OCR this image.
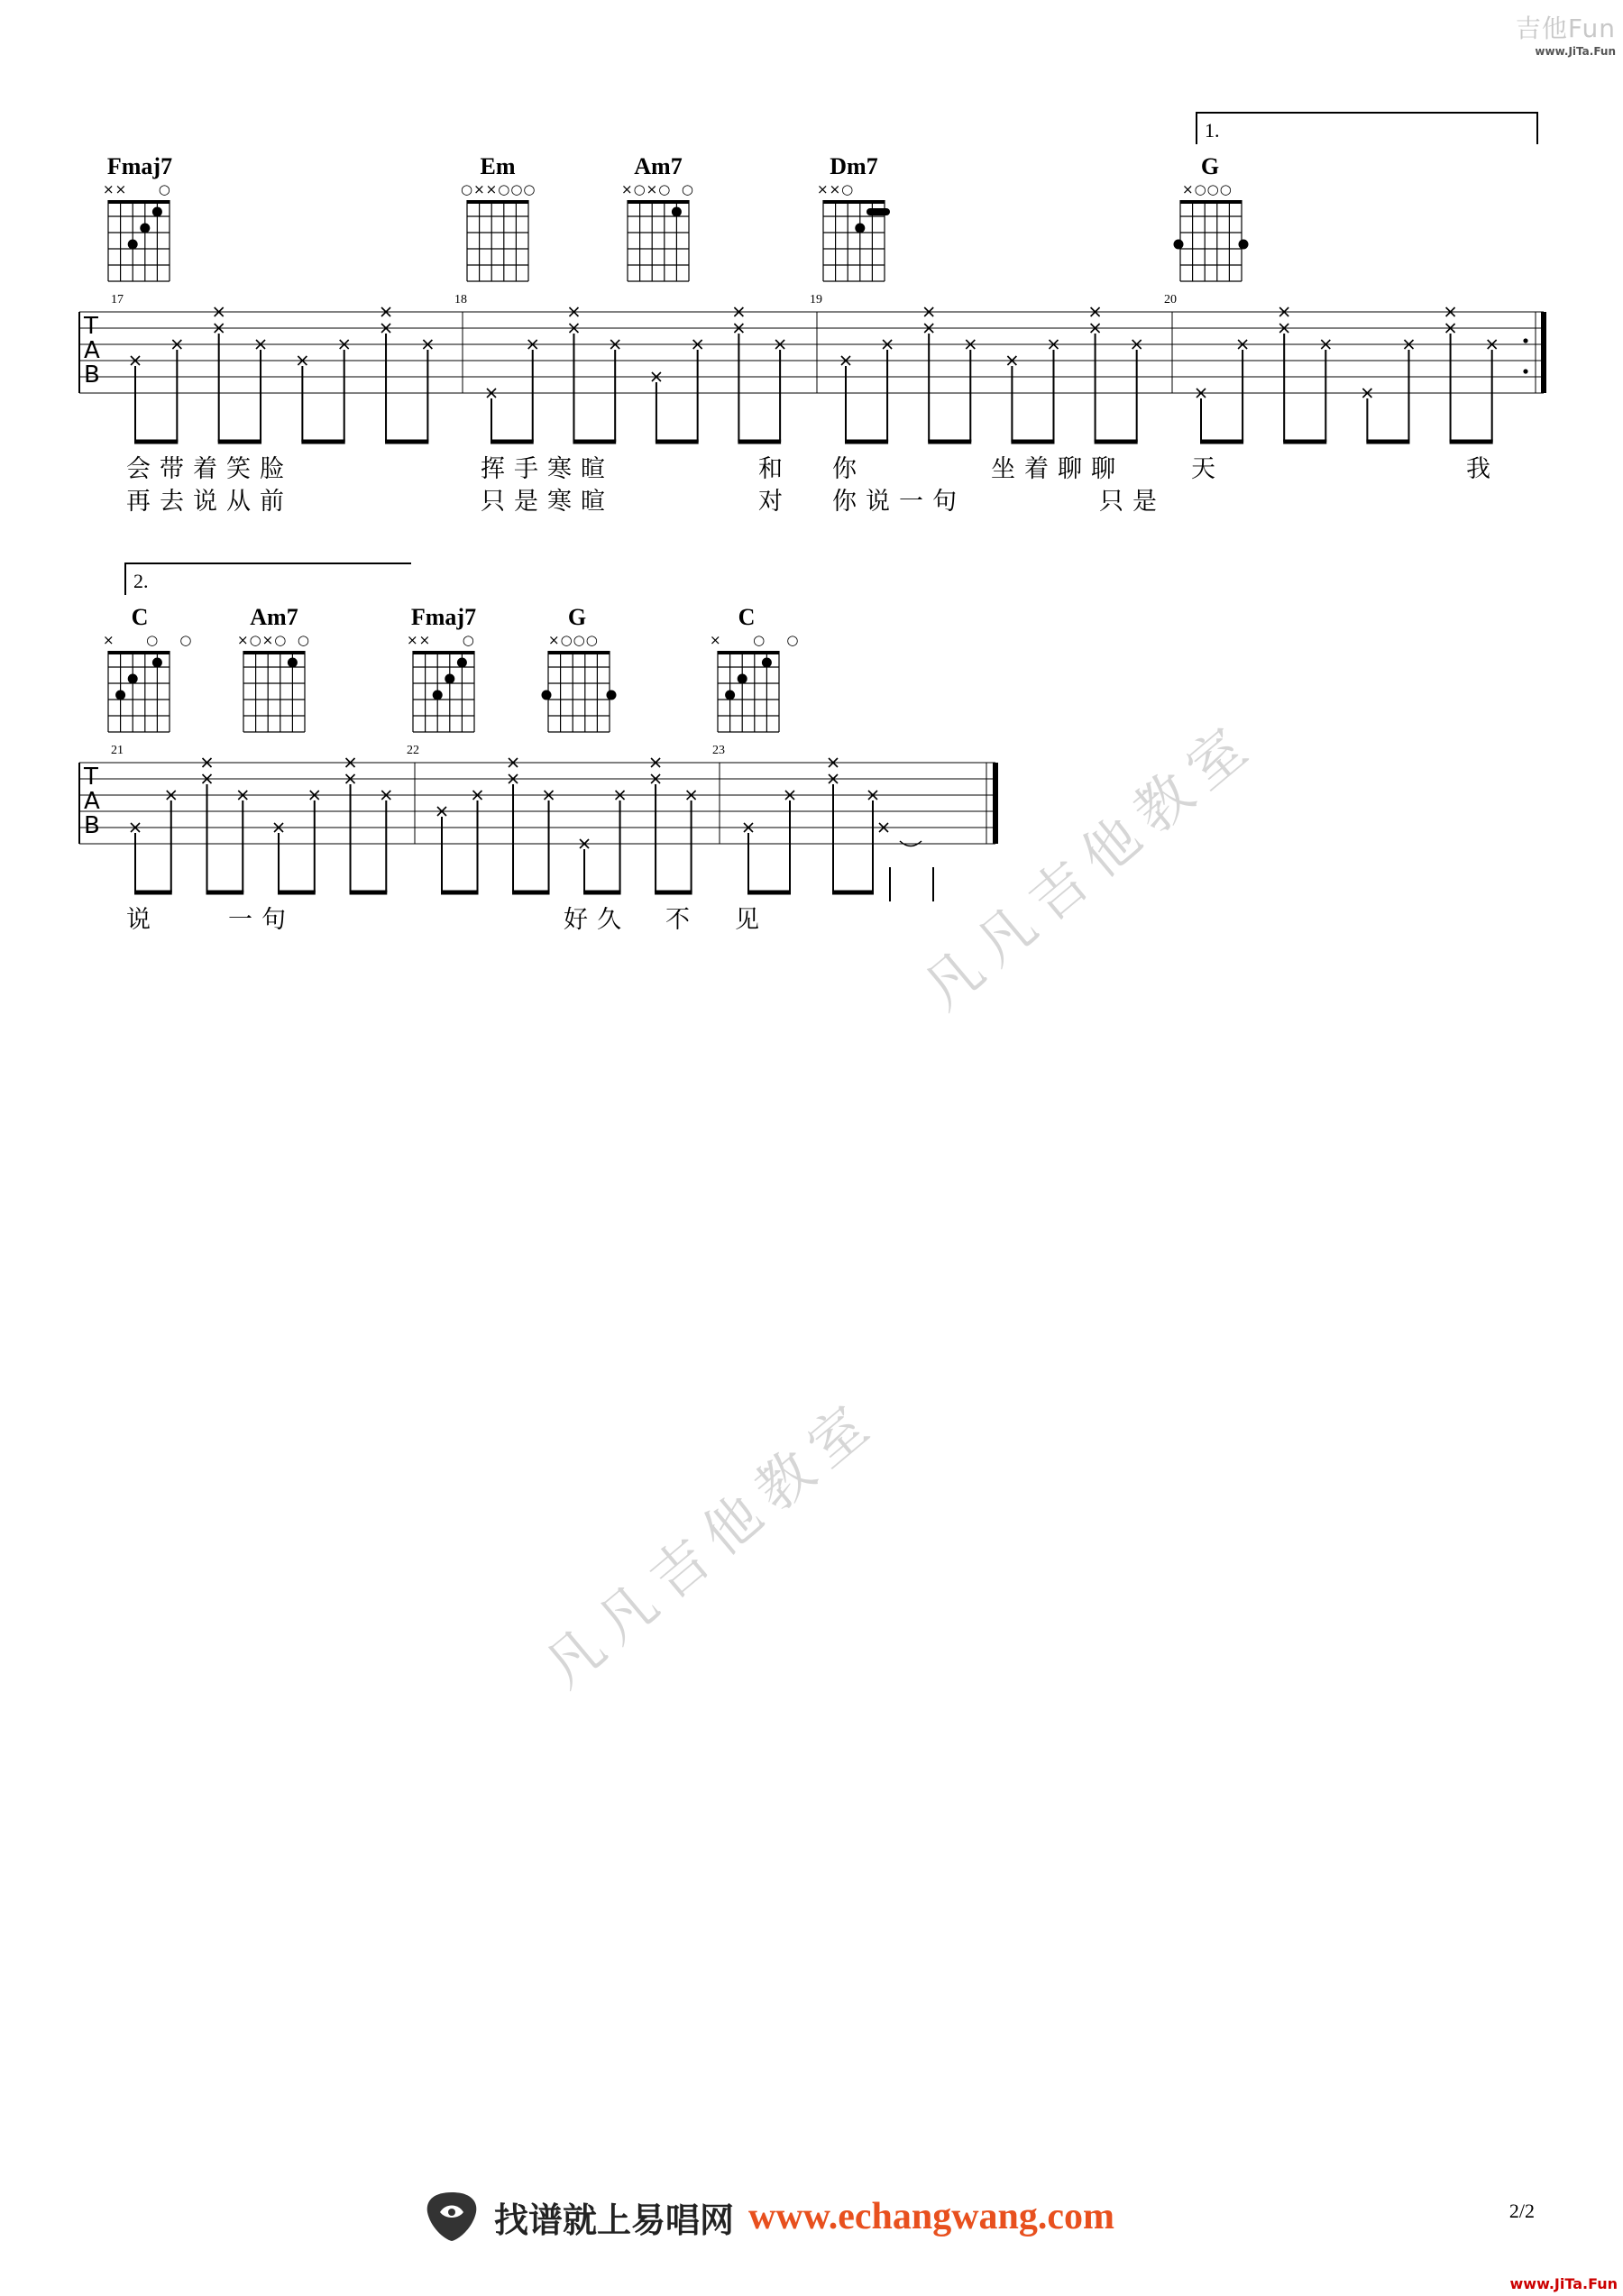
吉他Fun
www.JiTa.Fun
1.
Fmaj7	Em	Am7	Dm7	G
××      ○	○××○○○	×○×○  ○	××○	×○○○
T
A
B
17	18	19	20
会带着笑脸	挥手寒暄	和 你	坐着聊聊	天	我
再去说从前	只是寒暄	对 你说一句	只是
2.
C	Am7	Fmaj7	G	C
×      ○    ○	×○×○  ○	××      ○	×○○○	×      ○    ○
T
A
B
21	22	23
说	一句	好久 不 见	凡凡吉他教室
凡凡吉他教室
找谱就上易唱网 www.echangwang.com	2/2
www.JiTa.Fun
